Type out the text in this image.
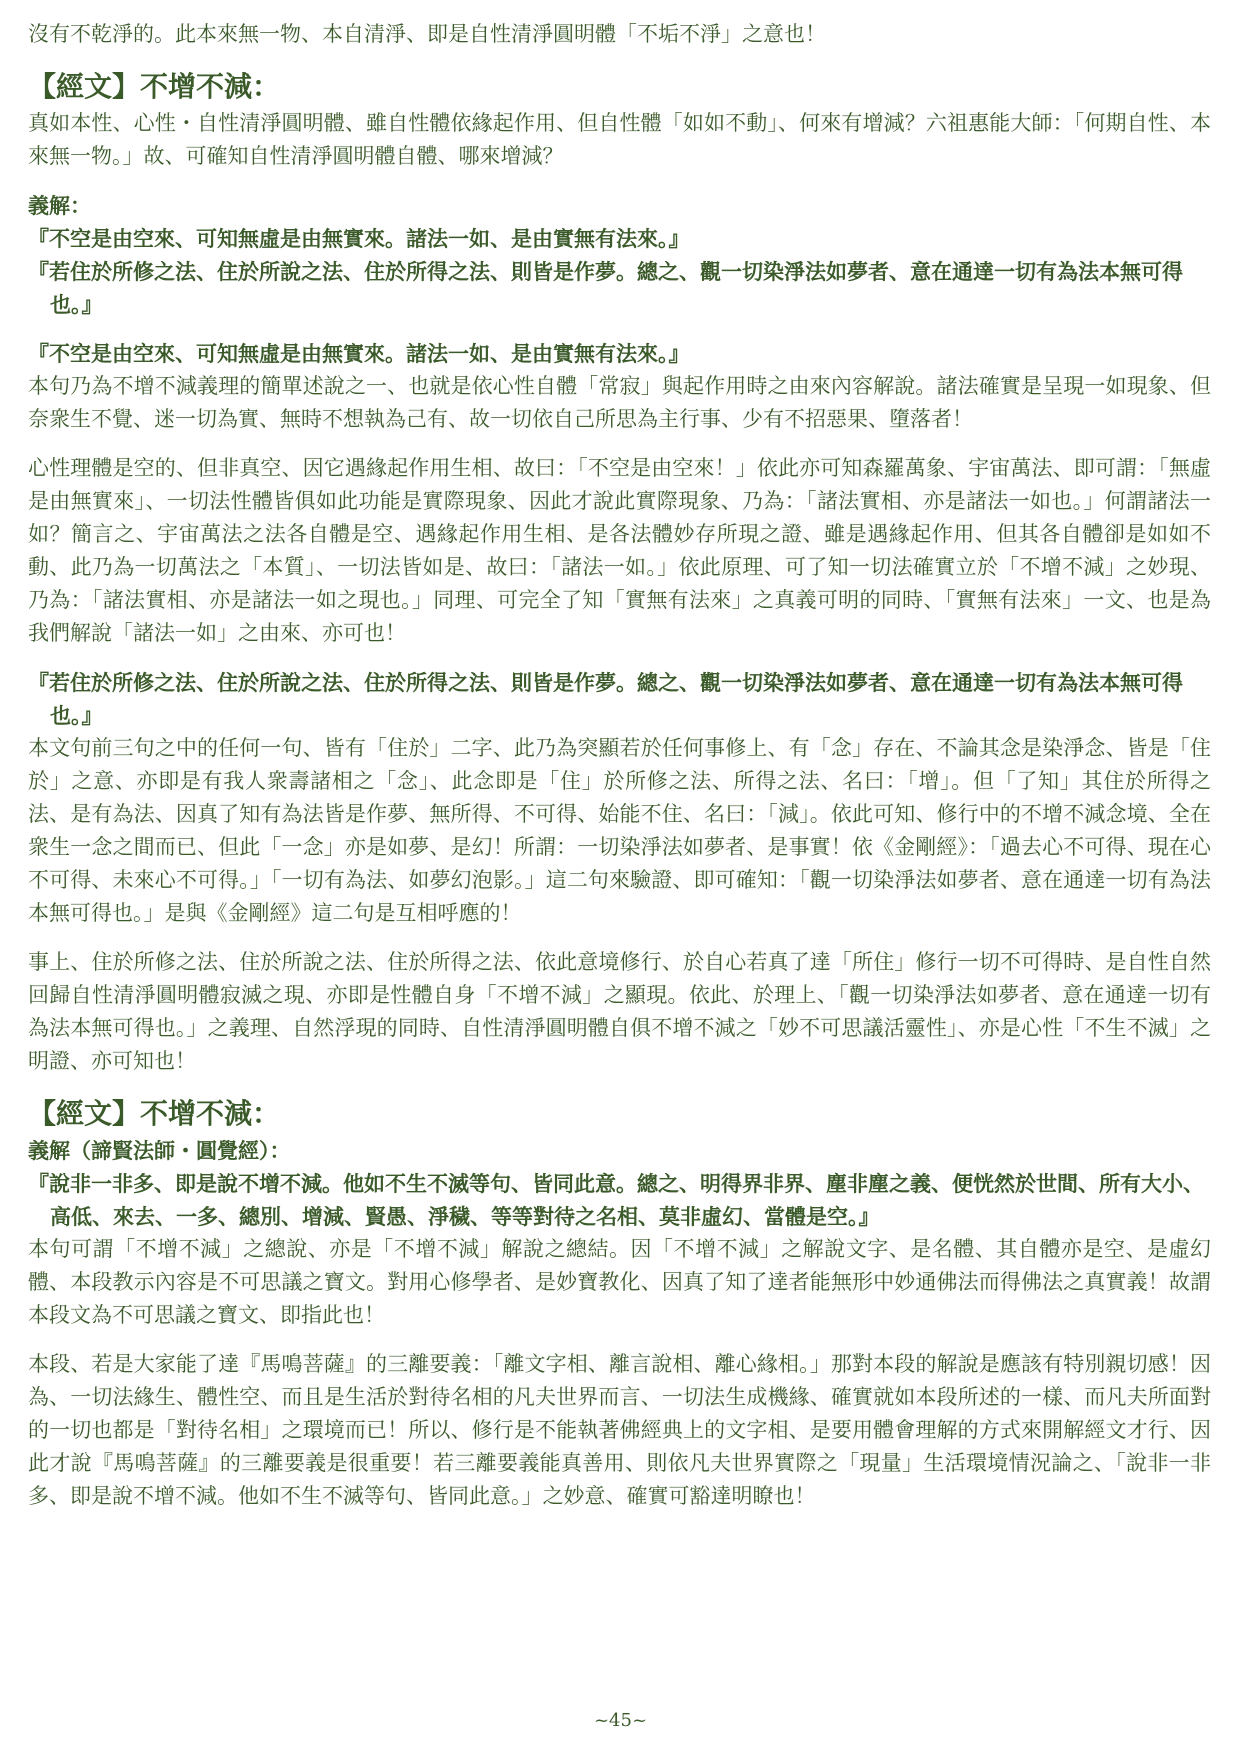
沒有不乾淨的。此本來無一物、本自清淨、即是自性清淨圓明體「不垢不淨」之意也！

【經文】不增不減：

真如本性、心性・自性清淨圓明體、雖自性體依緣起作用、但自性體「如如不動」、何來有增減？六祖惠能大師：「何期自性、本來無一物。」故、可確知自性清淨圓明體自體、哪來增減？

義解：

『不空是由空來、可知無虛是由無實來。諸法一如、是由實無有法來。』

『若住於所修之法、住於所說之法、住於所得之法、則皆是作夢。總之、觀一切染淨法如夢者、意在通達一切有為法本無可得也。』

『不空是由空來、可知無虛是由無實來。諸法一如、是由實無有法來。』

本句乃為不增不減義理的簡單述說之一、也就是依心性自體「常寂」與起作用時之由來內容解說。諸法確實是呈現一如現象、但奈衆生不覺、迷一切為實、無時不想執為己有、故一切依自己所思為主行事、少有不招惡果、墮落者！

心性理體是空的、但非真空、因它遇緣起作用生相、故曰：「不空是由空來！」依此亦可知森羅萬象、宇宙萬法、即可謂：「無虛是由無實來」、一切法性體皆俱如此功能是實際現象、因此才說此實際現象、乃為：「諸法實相、亦是諸法一如也。」何謂諸法一如？簡言之、宇宙萬法之法各自體是空、遇緣起作用生相、是各法體妙存所現之證、雖是遇緣起作用、但其各自體卻是如如不動、此乃為一切萬法之「本質」、一切法皆如是、故曰：「諸法一如。」依此原理、可了知一切法確實立於「不增不減」之妙現、乃為：「諸法實相、亦是諸法一如之現也。」同理、可完全了知「實無有法來」之真義可明的同時、「實無有法來」一文、也是為我們解說「諸法一如」之由來、亦可也！

『若住於所修之法、住於所說之法、住於所得之法、則皆是作夢。總之、觀一切染淨法如夢者、意在通達一切有為法本無可得也。』

本文句前三句之中的任何一句、皆有「住於」二字、此乃為突顯若於任何事修上、有「念」存在、不論其念是染淨念、皆是「住於」之意、亦即是有我人衆壽諸相之「念」、此念即是「住」於所修之法、所得之法、名曰：「增」。但「了知」其住於所得之法、是有為法、因真了知有為法皆是作夢、無所得、不可得、始能不住、名曰：「減」。依此可知、修行中的不增不減念境、全在衆生一念之間而已、但此「一念」亦是如夢、是幻！所謂：一切染淨法如夢者、是事實！依《金剛經》：「過去心不可得、現在心不可得、未來心不可得。」「一切有為法、如夢幻泡影。」這二句來驗證、即可確知：「觀一切染淨法如夢者、意在通達一切有為法本無可得也。」是與《金剛經》這二句是互相呼應的！

事上、住於所修之法、住於所說之法、住於所得之法、依此意境修行、於自心若真了達「所住」修行一切不可得時、是自性自然回歸自性清淨圓明體寂滅之現、亦即是性體自身「不增不減」之顯現。依此、於理上、「觀一切染淨法如夢者、意在通達一切有為法本無可得也。」之義理、自然浮現的同時、自性清淨圓明體自俱不增不減之「妙不可思議活靈性」、亦是心性「不生不滅」之明證、亦可知也！

【經文】不增不減：
義解（諦賢法師・圓覺經）：

『說非一非多、即是說不增不減。他如不生不滅等句、皆同此意。總之、明得界非界、塵非塵之義、便恍然於世間、所有大小、高低、來去、一多、總別、增減、賢愚、淨穢、等等對待之名相、莫非虛幻、當體是空。』

本句可謂「不增不減」之總說、亦是「不增不減」解說之總結。因「不增不減」之解說文字、是名體、其自體亦是空、是虛幻體、本段教示內容是不可思議之寶文。對用心修學者、是妙寶教化、因真了知了達者能無形中妙通佛法而得佛法之真實義！故謂本段文為不可思議之寶文、即指此也！

本段、若是大家能了達『馬鳴菩薩』的三離要義：「離文字相、離言說相、離心緣相。」那對本段的解說是應該有特別親切感！因為、一切法緣生、體性空、而且是生活於對待名相的凡夫世界而言、一切法生成機緣、確實就如本段所述的一樣、而凡夫所面對的一切也都是「對待名相」之環境而已！所以、修行是不能執著佛經典上的文字相、是要用體會理解的方式來開解經文才行、因此才說『馬鳴菩薩』的三離要義是很重要！若三離要義能真善用、則依凡夫世界實際之「現量」生活環境情況論之、「說非一非多、即是說不增不減。他如不生不滅等句、皆同此意。」之妙意、確實可豁達明瞭也！

~45~
